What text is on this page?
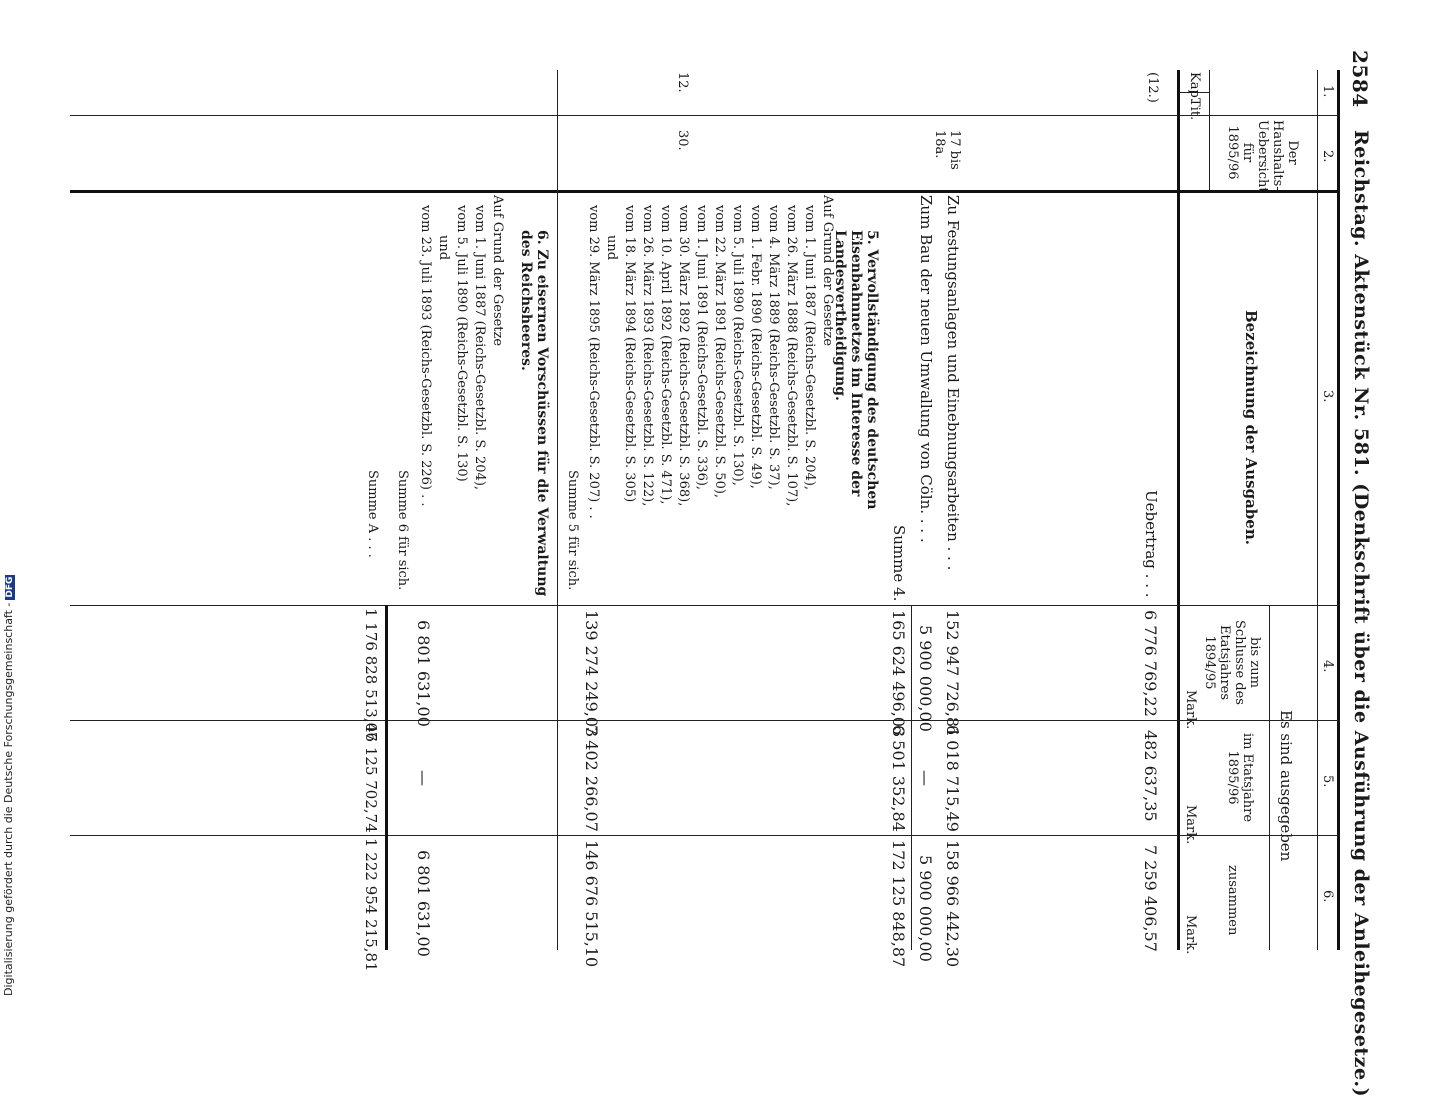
2584
Reichstag. Aktenstück Nr. 581. (Denkschrift über die Ausführung der Anleihegesetze.)
1.
2.
3.
4.
5.
6.
Der Haushalts-Uebersicht für 1895/96
Kap.
Tit.
Bezeichnung der Ausgaben.
Es sind ausgegeben
bis zum Schlusse des Etatsjahres 1894/95
im Etatsjahre 1895/96
zusammen
Mark.
Mark.
Mark.
(12.)
Uebertrag . . .
6 776 769,22
482 637,35
7 259 406,57
17 bis 18a.
Zu Festungsanlagen und Einebnungsarbeiten . . .
152 947 726,81
6 018 715,49
158 966 442,30
Zum Bau der neuen Umwallung von Cöln. . . .
5 900 000,00
—
5 900 000,00
Summe 4.
165 624 496,03
6 501 352,84
172 125 848,87
12.
30.
5. Vervollständigung des deutschen Eisenbahnnetzes im Interesse der Landesvertheidigung.
Auf Grund der Gesetze
vom 1. Juni 1887 (Reichs-Gesetzbl. S. 204),
vom 26. März 1888 (Reichs-Gesetzbl. S. 107),
vom 4. März 1889 (Reichs-Gesetzbl. S. 37),
vom 1. Febr. 1890 (Reichs-Gesetzbl. S. 49),
vom 5. Juli 1890 (Reichs-Gesetzbl. S. 130),
vom 22. März 1891 (Reichs-Gesetzbl. S. 50),
vom 1. Juni 1891 (Reichs-Gesetzbl. S. 336),
vom 30. März 1892 (Reichs-Gesetzbl. S. 368),
vom 10. April 1892 (Reichs-Gesetzbl. S. 471),
vom 26. März 1893 (Reichs-Gesetzbl. S. 122),
vom 18. März 1894 (Reichs-Gesetzbl. S. 305)
und
vom 29. März 1895 (Reichs-Gesetzbl. S. 207) . .
Summe 5 für sich.
139 274 249,03
7 402 266,07
146 676 515,10
6. Zu eisernen Vorschüssen für die Verwaltung des Reichsheeres.
Auf Grund der Gesetze
vom 1. Juni 1887 (Reichs-Gesetzbl. S. 204),
vom 5. Juli 1890 (Reichs-Gesetzbl. S. 130)
und
vom 23. Juli 1893 (Reichs-Gesetzbl. S. 226) . .
Summe 6 für sich.
6 801 631,00
—
6 801 631,00
Summe A . . .
1 176 828 513,07
46 125 702,74
1 222 954 215,81
Digitalisierung gefördert durch die Deutsche Forschungsgemeinschaft -DFG
